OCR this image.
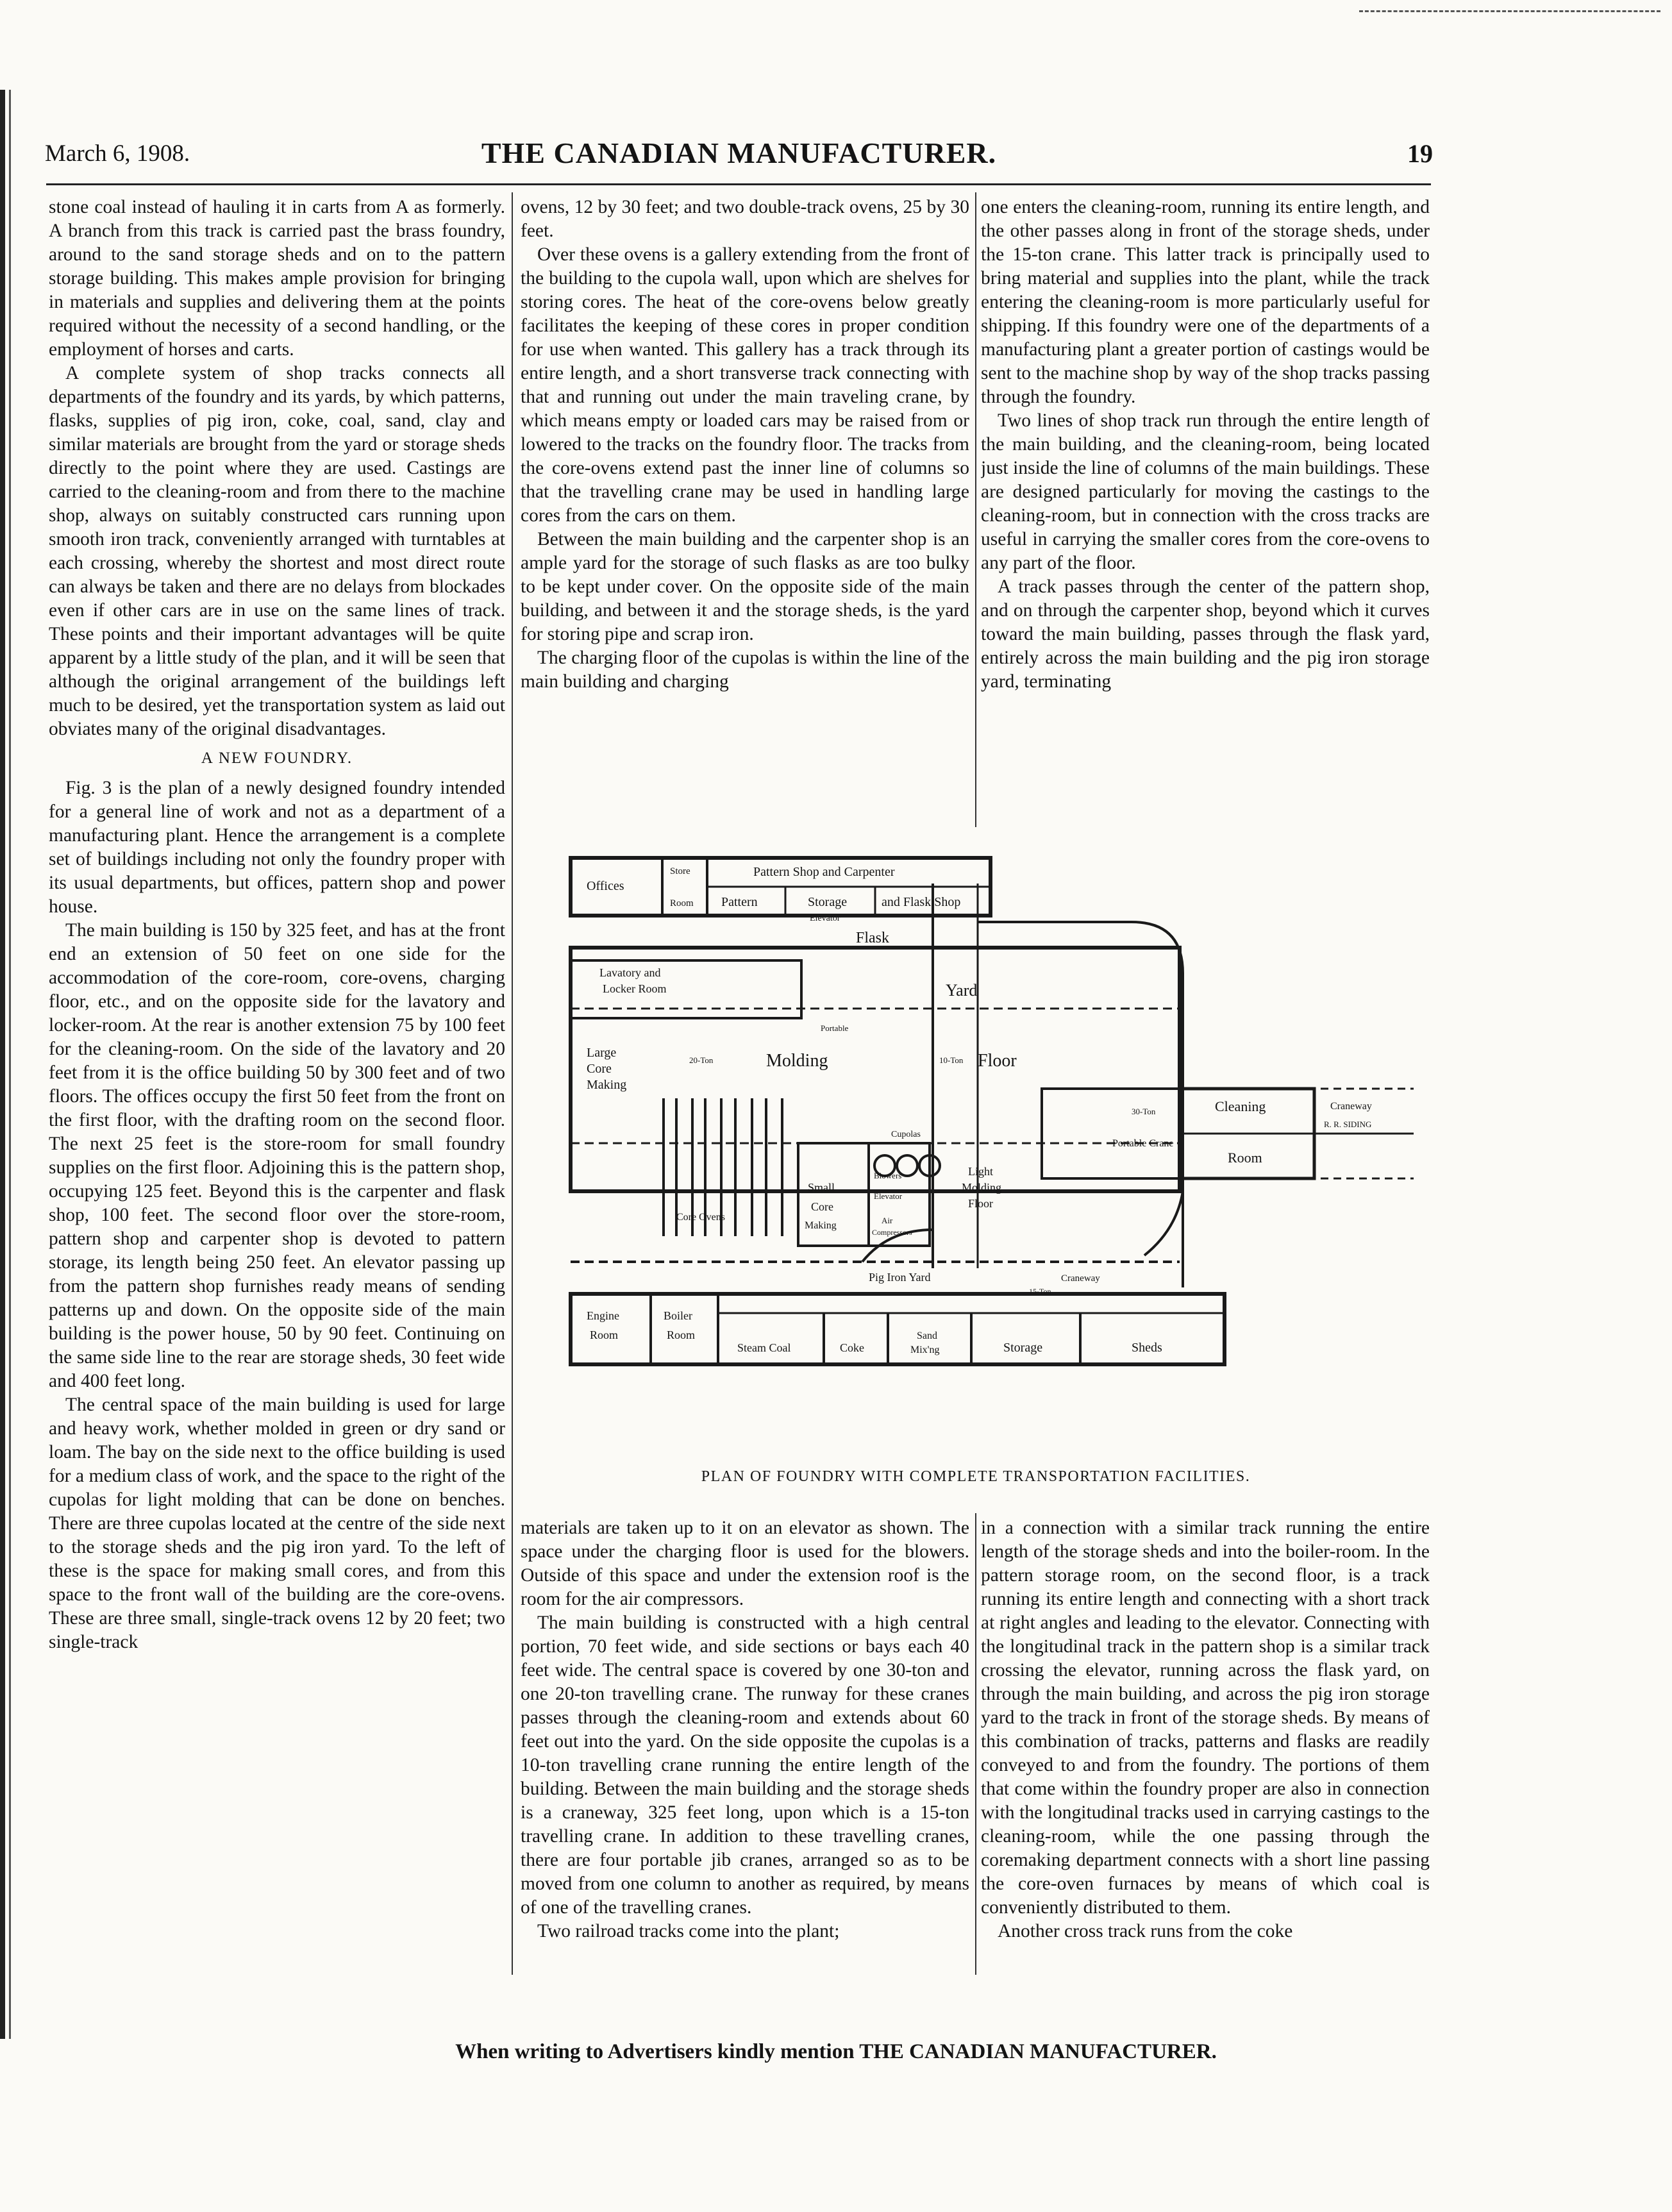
March 6, 1908.	THE CANADIAN MANUFACTURER.	19

stone coal instead of hauling it in carts from A as formerly. A branch from this track is carried past the brass foundry, around to the sand storage sheds and on to the pattern storage building. This makes ample provision for bringing in materials and supplies and delivering them at the points required without the necessity of a second handling, or the employment of horses and carts.

A complete system of shop tracks connects all departments of the foundry and its yards, by which patterns, flasks, supplies of pig iron, coke, coal, sand, clay and similar materials are brought from the yard or storage sheds directly to the point where they are used. Castings are carried to the cleaning-room and from there to the machine shop, always on suitably constructed cars running upon smooth iron track, conveniently arranged with turntables at each crossing, whereby the shortest and most direct route can always be taken and there are no delays from blockades even if other cars are in use on the same lines of track. These points and their important advantages will be quite apparent by a little study of the plan, and it will be seen that although the original arrangement of the buildings left much to be desired, yet the transportation system as laid out obviates many of the original disadvantages.

A NEW FOUNDRY.

Fig. 3 is the plan of a newly designed foundry intended for a general line of work and not as a department of a manufacturing plant. Hence the arrangement is a complete set of buildings including not only the foundry proper with its usual departments, but offices, pattern shop and power house.

The main building is 150 by 325 feet, and has at the front end an extension of 50 feet on one side for the accommodation of the core-room, core-ovens, charging floor, etc., and on the opposite side for the lavatory and locker-room. At the rear is another extension 75 by 100 feet for the cleaning-room. On the side of the lavatory and 20 feet from it is the office building 50 by 300 feet and of two floors. The offices occupy the first 50 feet from the front on the first floor, with the drafting room on the second floor. The next 25 feet is the store-room for small foundry supplies on the first floor. Adjoining this is the pattern shop, occupying 125 feet. Beyond this is the carpenter and flask shop, 100 feet. The second floor over the store-room, pattern shop and carpenter shop is devoted to pattern storage, its length being 250 feet. An elevator passing up from the pattern shop furnishes ready means of sending patterns up and down. On the opposite side of the main building is the power house, 50 by 90 feet. Continuing on the same side line to the rear are storage sheds, 30 feet wide and 400 feet long.

The central space of the main building is used for large and heavy work, whether molded in green or dry sand or loam. The bay on the side next to the office building is used for a medium class of work, and the space to the right of the cupolas for light molding that can be done on benches. There are three cupolas located at the centre of the side next to the storage sheds and the pig iron yard. To the left of these is the space for making small cores, and from this space to the front wall of the building are the core-ovens. These are three small, single-track ovens 12 by 20 feet; two single-track

ovens, 12 by 30 feet; and two double-track ovens, 25 by 30 feet.

Over these ovens is a gallery extending from the front of the building to the cupola wall, upon which are shelves for storing cores. The heat of the core-ovens below greatly facilitates the keeping of these cores in proper condition for use when wanted. This gallery has a track through its entire length, and a short transverse track connecting with that and running out under the main traveling crane, by which means empty or loaded cars may be raised from or lowered to the tracks on the foundry floor. The tracks from the core-ovens extend past the inner line of columns so that the travelling crane may be used in handling large cores from the cars on them.

Between the main building and the carpenter shop is an ample yard for the storage of such flasks as are too bulky to be kept under cover. On the opposite side of the main building, and between it and the storage sheds, is the yard for storing pipe and scrap iron.

The charging floor of the cupolas is within the line of the main building and charging

one enters the cleaning-room, running its entire length, and the other passes along in front of the storage sheds, under the 15-ton crane. This latter track is principally used to bring material and supplies into the plant, while the track entering the cleaning-room is more particularly useful for shipping. If this foundry were one of the departments of a manufacturing plant a greater portion of castings would be sent to the machine shop by way of the shop tracks passing through the foundry.

Two lines of shop track run through the entire length of the main building, and the cleaning-room, being located just inside the line of columns of the main buildings. These are designed particularly for moving the castings to the cleaning-room, but in connection with the cross tracks are useful in carrying the smaller cores from the core-ovens to any part of the floor.

A track passes through the center of the pattern shop, and on through the carpenter shop, beyond which it curves toward the main building, passes through the flask yard, entirely across the main building and the pig iron storage yard, terminating

Offices
Store
Room
Pattern Shop and Carpenter
Pattern	Storage	and Flask Shop
Elevator
Flask
Yard
Lavatory and
Locker Room
Portable
10-Ton
Large
Core
Making
20-Ton	Molding	Floor
Cleaning
Room
Craneway
R. R. SIDING
Portable Crane
30-Ton
Cupolas
Core Ovens
Small
Core
Making
Blowers
Elevator
Air
Compressors
Light
Molding
Floor
Pig Iron Yard	Craneway
Engine
Room
Boiler
Room
Steam Coal	Coke
Sand
Mix'ng	Storage	Sheds
15-Ton
PLAN OF FOUNDRY WITH COMPLETE TRANSPORTATION FACILITIES.

materials are taken up to it on an elevator as shown. The space under the charging floor is used for the blowers. Outside of this space and under the extension roof is the room for the air compressors.

The main building is constructed with a high central portion, 70 feet wide, and side sections or bays each 40 feet wide. The central space is covered by one 30-ton and one 20-ton travelling crane. The runway for these cranes passes through the cleaning-room and extends about 60 feet out into the yard. On the side opposite the cupolas is a 10-ton travelling crane running the entire length of the building. Between the main building and the storage sheds is a craneway, 325 feet long, upon which is a 15-ton travelling crane. In addition to these travelling cranes, there are four portable jib cranes, arranged so as to be moved from one column to another as required, by means of one of the travelling cranes.

Two railroad tracks come into the plant;

in a connection with a similar track running the entire length of the storage sheds and into the boiler-room. In the pattern storage room, on the second floor, is a track running its entire length and connecting with a short track at right angles and leading to the elevator. Connecting with the longitudinal track in the pattern shop is a similar track crossing the elevator, running across the flask yard, on through the main building, and across the pig iron storage yard to the track in front of the storage sheds. By means of this combination of tracks, patterns and flasks are readily conveyed to and from the foundry. The portions of them that come within the foundry proper are also in connection with the longitudinal tracks used in carrying castings to the cleaning-room, while the one passing through the coremaking department connects with a short line passing the core-oven furnaces by means of which coal is conveniently distributed to them.

Another cross track runs from the coke

When writing to Advertisers kindly mention THE CANADIAN MANUFACTURER.
